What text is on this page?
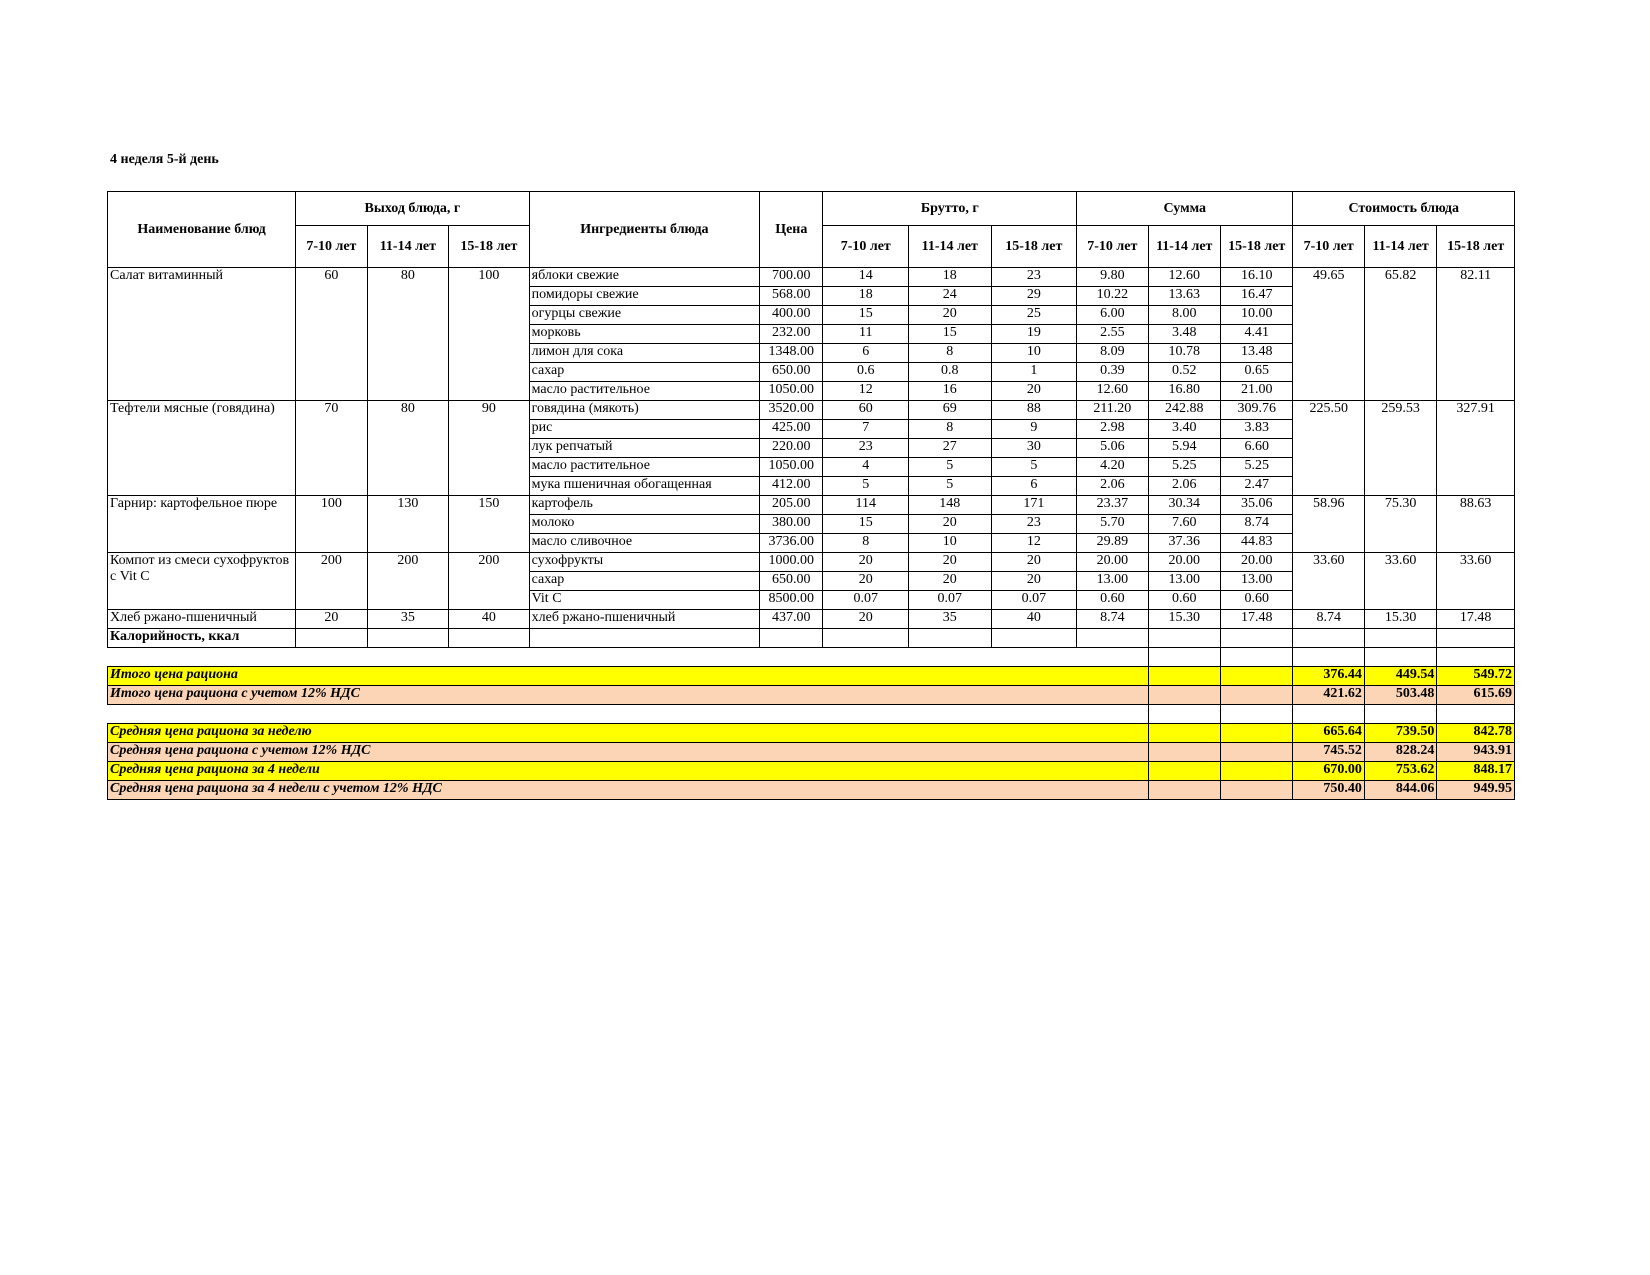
4 неделя 5-й день
Наименование блюд	Выход блюда, г			Ингредиенты блюда	Цена	Брутто, г			Сумма			Стоимость блюда		
	7-10 лет	11-14 лет	15-18 лет			7-10 лет	11-14 лет	15-18 лет	7-10 лет	11-14 лет	15-18 лет	7-10 лет	11-14 лет	15-18 лет
Салат витаминный	60	80	100	яблоки свежие	700.00	14	18	23	9.80	12.60	16.10	49.65	65.82	82.11
				помидоры свежие	568.00	18	24	29	10.22	13.63	16.47			
				огурцы свежие	400.00	15	20	25	6.00	8.00	10.00			
				морковь	232.00	11	15	19	2.55	3.48	4.41			
				лимон для сока	1348.00	6	8	10	8.09	10.78	13.48			
				сахар	650.00	0.6	0.8	1	0.39	0.52	0.65			
				масло растительное	1050.00	12	16	20	12.60	16.80	21.00			
Тефтели мясные (говядина)	70	80	90	говядина (мякоть)	3520.00	60	69	88	211.20	242.88	309.76	225.50	259.53	327.91
				рис	425.00	7	8	9	2.98	3.40	3.83			
				лук репчатый	220.00	23	27	30	5.06	5.94	6.60			
				масло растительное	1050.00	4	5	5	4.20	5.25	5.25			
				мука пшеничная обогащенная	412.00	5	5	6	2.06	2.06	2.47			
Гарнир: картофельное пюре	100	130	150	картофель	205.00	114	148	171	23.37	30.34	35.06	58.96	75.30	88.63
				молоко	380.00	15	20	23	5.70	7.60	8.74			
				масло сливочное	3736.00	8	10	12	29.89	37.36	44.83			
Компот из смеси сухофруктов с Vit C	200	200	200	сухофрукты	1000.00	20	20	20	20.00	20.00	20.00	33.60	33.60	33.60
				сахар	650.00	20	20	20	13.00	13.00	13.00			
				Vit C	8500.00	0.07	0.07	0.07	0.60	0.60	0.60			
Хлеб ржано-пшеничный	20	35	40	хлеб ржано-пшеничный	437.00	20	35	40	8.74	15.30	17.48	8.74	15.30	17.48
Калорийность, ккал														

Итого цена рациона												376.44	449.54	549.72
Итого цена рациона с учетом 12% НДС												421.62	503.48	615.69

Средняя цена рациона за неделю												665.64	739.50	842.78
Средняя цена рациона с учетом 12% НДС												745.52	828.24	943.91
Средняя цена рациона за 4 недели												670.00	753.62	848.17
Средняя цена рациона за 4 недели с учетом 12% НДС												750.40	844.06	949.95
